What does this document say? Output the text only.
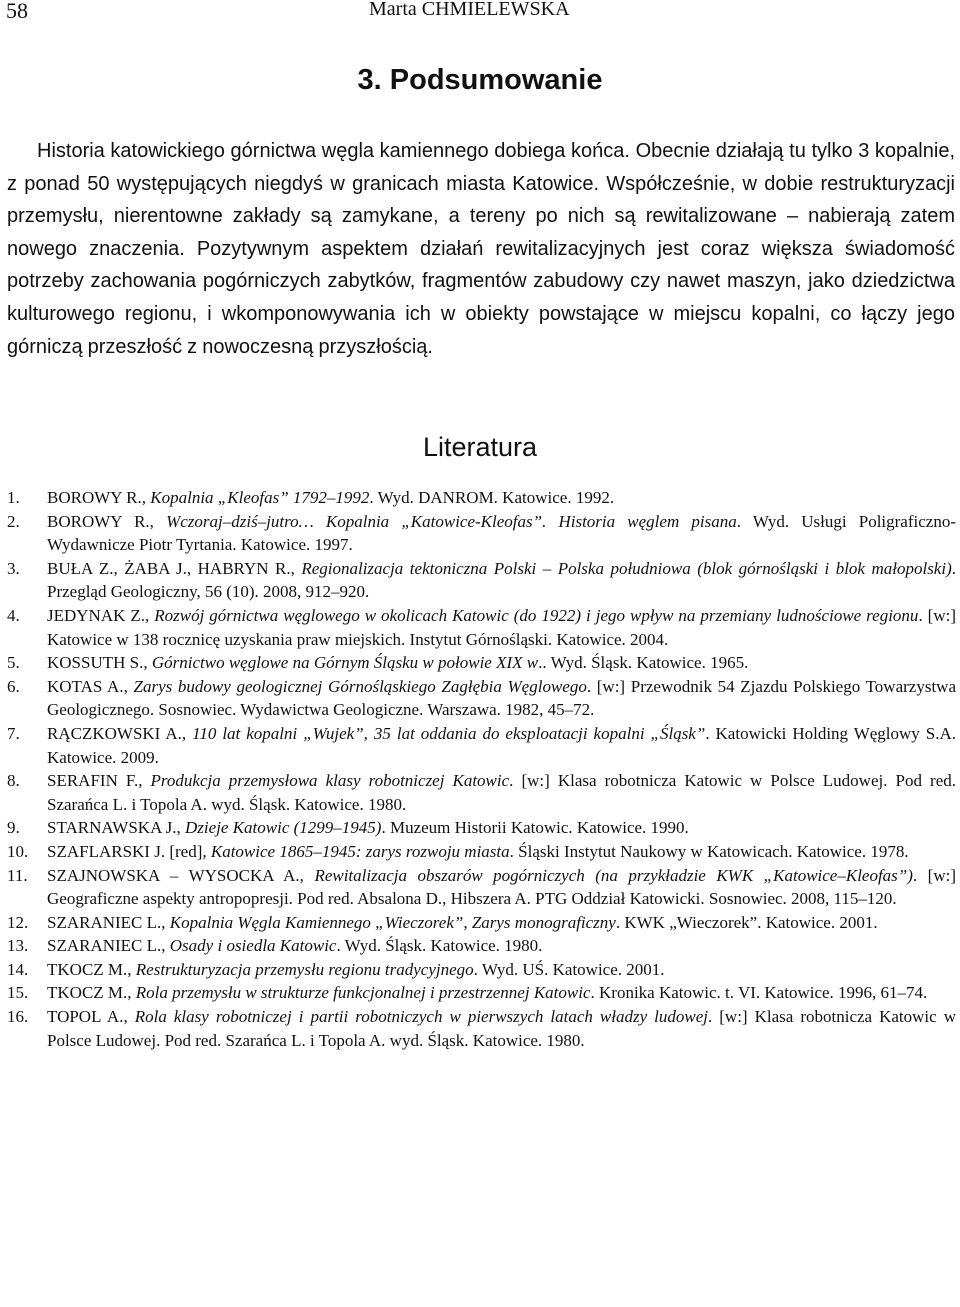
58	Marta CHMIELEWSKA
3. Podsumowanie

Historia katowickiego górnictwa węgla kamiennego dobiega końca. Obecnie działają tu tylko 3 kopalnie, z ponad 50 występujących niegdyś w granicach miasta Katowice. Współcześnie, w dobie restrukturyzacji przemysłu, nierentowne zakłady są zamykane, a tereny po nich są rewitalizowane – nabierają zatem nowego znaczenia. Pozytywnym aspektem działań rewitalizacyjnych jest coraz większa świadomość potrzeby zachowania pogórniczych zabytków, fragmentów zabudowy czy nawet maszyn, jako dziedzictwa kulturowego regionu, i wkomponowywania ich w obiekty powstające w miejscu kopalni, co łączy jego górniczą przeszłość z nowoczesną przyszłością.

Literatura
1. BOROWY R., Kopalnia „Kleofas” 1792–1992. Wyd. DANROM. Katowice. 1992.
2. BOROWY R., Wczoraj–dziś–jutro… Kopalnia „Katowice-Kleofas”. Historia węglem pisana. Wyd. Usługi Poligraficzno-Wydawnicze Piotr Tyrtania. Katowice. 1997.
3. BUŁA Z., ŻABA J., HABRYN R., Regionalizacja tektoniczna Polski – Polska południowa (blok górnośląski i blok małopolski). Przegląd Geologiczny, 56 (10). 2008, 912–920.
4. JEDYNAK Z., Rozwój górnictwa węglowego w okolicach Katowic (do 1922) i jego wpływ na przemiany ludnościowe regionu. [w:] Katowice w 138 rocznicę uzyskania praw miejskich. Instytut Górnośląski. Katowice. 2004.
5. KOSSUTH S., Górnictwo węglowe na Górnym Śląsku w połowie XIX w.. Wyd. Śląsk. Katowice. 1965.
6. KOTAS A., Zarys budowy geologicznej Górnośląskiego Zagłębia Węglowego. [w:] Przewodnik 54 Zjazdu Polskiego Towarzystwa Geologicznego. Sosnowiec. Wydawictwa Geologiczne. Warszawa. 1982, 45–72.
7. RĄCZKOWSKI A., 110 lat kopalni „Wujek”, 35 lat oddania do eksploatacji kopalni „Śląsk”. Katowicki Holding Węglowy S.A. Katowice. 2009.
8. SERAFIN F., Produkcja przemysłowa klasy robotniczej Katowic. [w:] Klasa robotnicza Katowic w Polsce Ludowej. Pod red. Szarańca L. i Topola A. wyd. Śląsk. Katowice. 1980.
9. STARNAWSKA J., Dzieje Katowic (1299–1945). Muzeum Historii Katowic. Katowice. 1990.
10. SZAFLARSKI J. [red], Katowice 1865–1945: zarys rozwoju miasta. Śląski Instytut Naukowy w Katowicach. Katowice. 1978.
11. SZAJNOWSKA – WYSOCKA A., Rewitalizacja obszarów pogórniczych (na przykładzie KWK „Katowice–Kleofas”). [w:] Geograficzne aspekty antropopresji. Pod red. Absalona D., Hibszera A. PTG Oddział Katowicki. Sosnowiec. 2008, 115–120.
12. SZARANIEC L., Kopalnia Węgla Kamiennego „Wieczorek”, Zarys monograficzny. KWK „Wieczorek”. Katowice. 2001.
13. SZARANIEC L., Osady i osiedla Katowic. Wyd. Śląsk. Katowice. 1980.
14. TKOCZ M., Restrukturyzacja przemysłu regionu tradycyjnego. Wyd. UŚ. Katowice. 2001.
15. TKOCZ M., Rola przemysłu w strukturze funkcjonalnej i przestrzennej Katowic. Kronika Katowic. t. VI. Katowice. 1996, 61–74.
16. TOPOL A., Rola klasy robotniczej i partii robotniczych w pierwszych latach władzy ludowej. [w:] Klasa robotnicza Katowic w Polsce Ludowej. Pod red. Szarańca L. i Topola A. wyd. Śląsk. Katowice. 1980.
